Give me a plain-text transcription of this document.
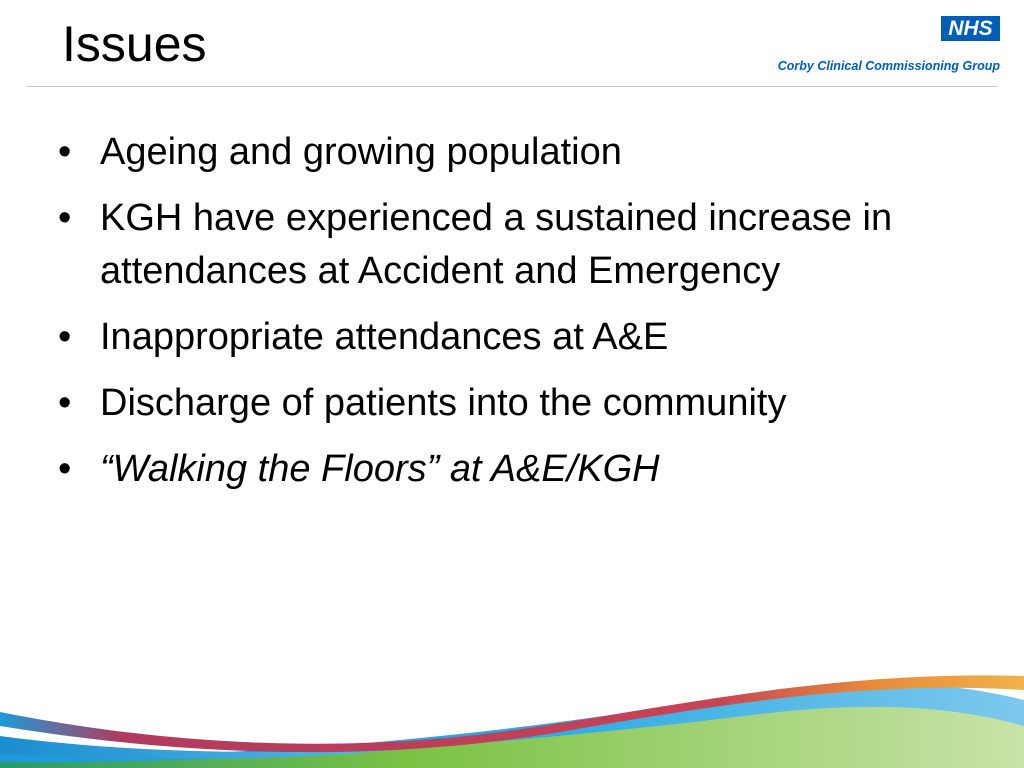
Issues	NHS
Corby Clinical Commissioning Group
• Ageing and growing population
• KGH have experienced a sustained increase in attendances at Accident and Emergency
• Inappropriate attendances at A&E
• Discharge of patients into the community
• “Walking the Floors” at A&E/KGH
